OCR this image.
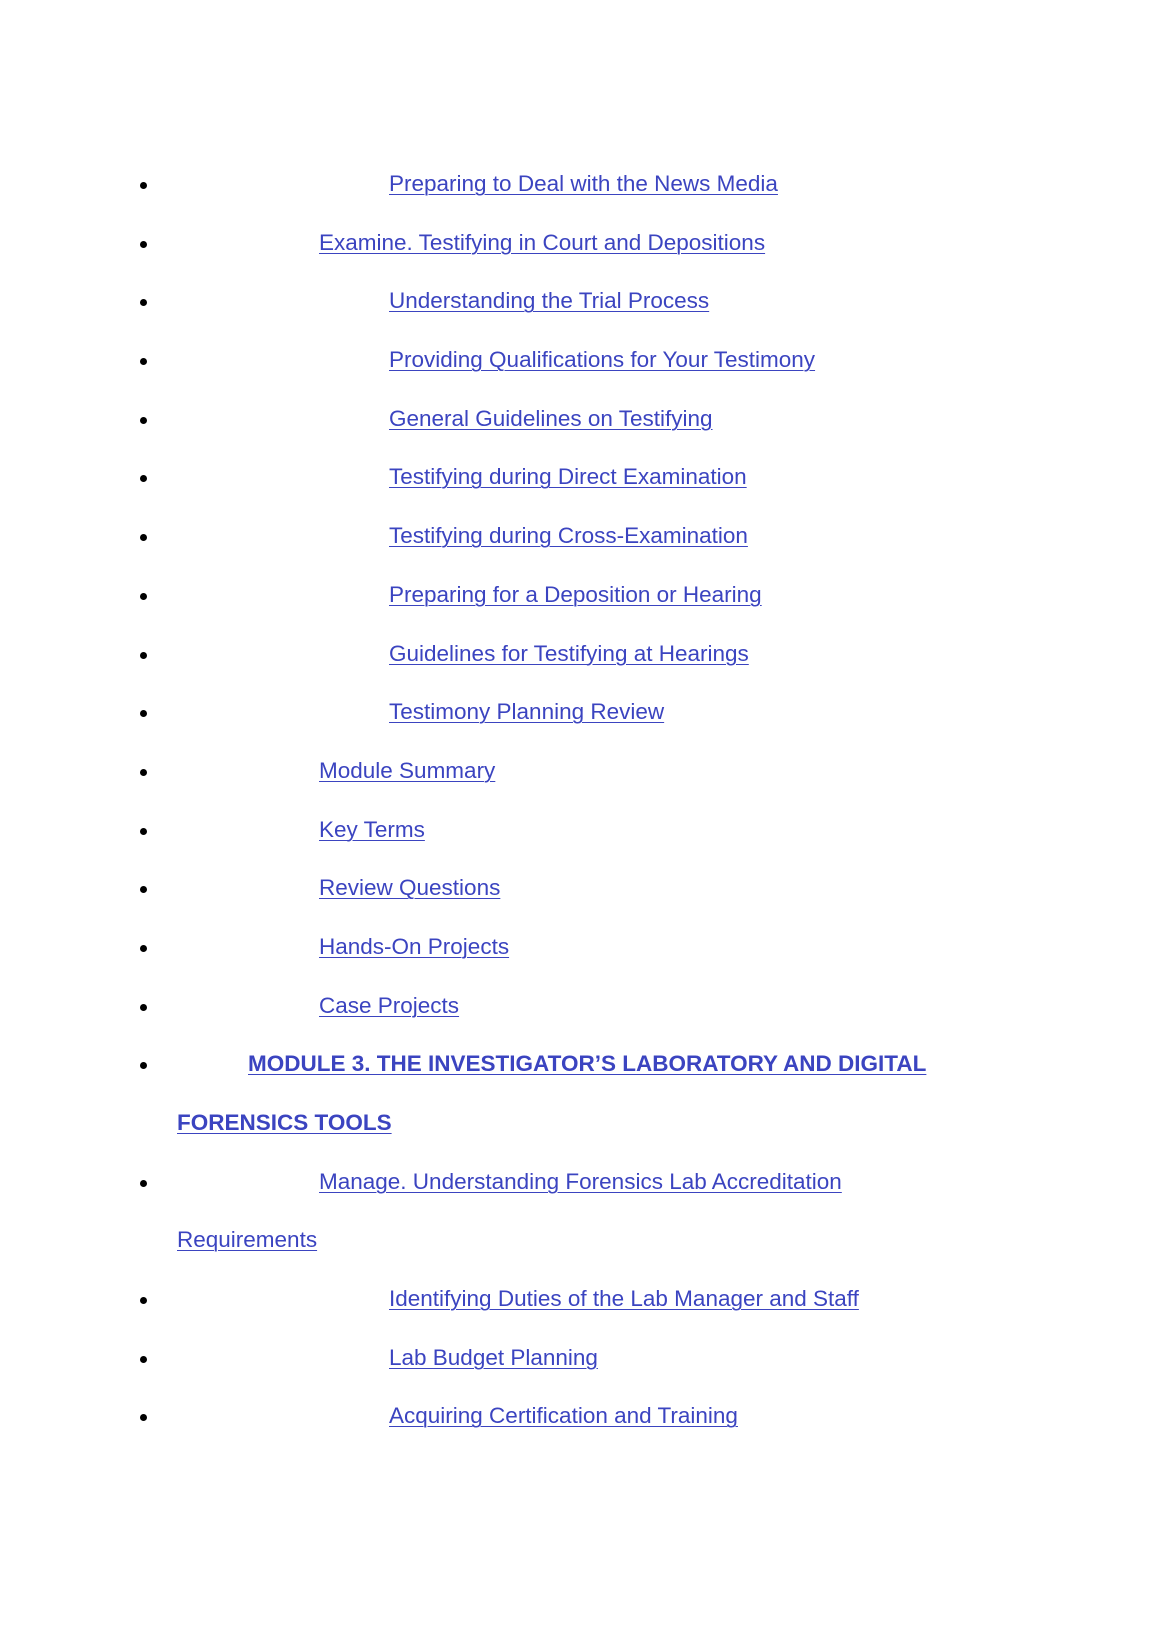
Preparing to Deal with the News Media
Examine. Testifying in Court and Depositions
Understanding the Trial Process
Providing Qualifications for Your Testimony
General Guidelines on Testifying
Testifying during Direct Examination
Testifying during Cross-Examination
Preparing for a Deposition or Hearing
Guidelines for Testifying at Hearings
Testimony Planning Review
Module Summary
Key Terms
Review Questions
Hands-On Projects
Case Projects
MODULE 3. THE INVESTIGATOR’S LABORATORY AND DIGITAL
FORENSICS TOOLS
Manage. Understanding Forensics Lab Accreditation
Requirements
Identifying Duties of the Lab Manager and Staff
Lab Budget Planning
Acquiring Certification and Training
